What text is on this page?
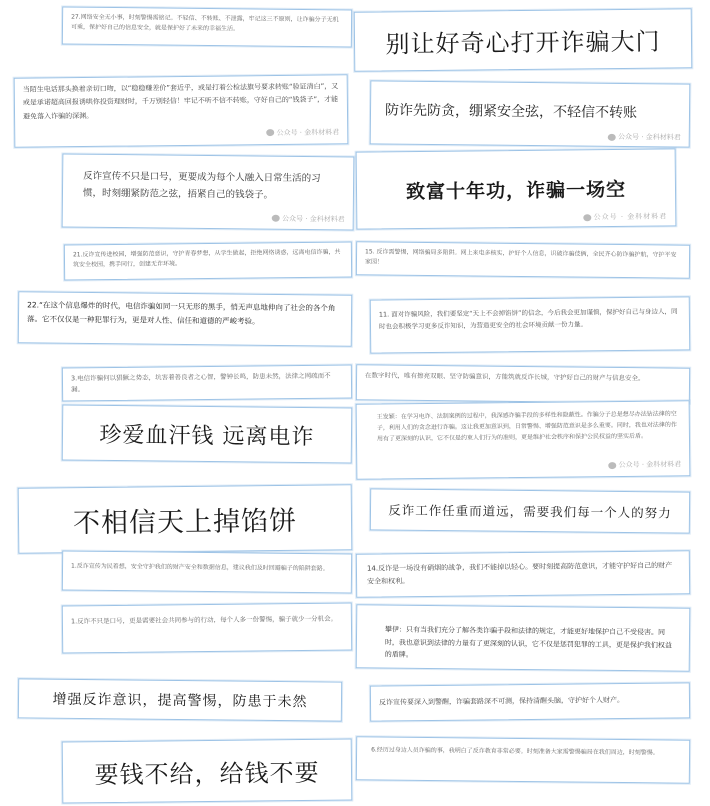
27.网络安全无小事，时刻警惕需铭记。不轻信、不转账、不泄露，牢记这三不原则，让诈骗分子无机可乘，保护好自己的信息安全，就是保护好了未来的幸福生活。	别让好奇心打开诈骗大门
当陌生电话那头换着亲切口吻，以“稳稳赚差价”套近乎，或是打着公检法旗号要求转账“验证清白”，又或是承诺超高回报诱哄你投资理财时，千万别轻信！牢记不听不信不转账，守好自己的“钱袋子”，才能避免落入诈骗的深渊。
公众号 · 金科材料君
防诈先防贪，绷紧安全弦，不轻信不转账
公众号 · 金科材料君
反诈宣传不只是口号，更要成为每个人融入日常生活的习惯，时刻绷紧防范之弦，捂紧自己的钱袋子。
公众号 · 金科材料君
致富十年功，诈骗一场空
公众号 · 金科材料君
21.反诈宣传进校园，增强防范意识，守护青春梦想，从学生做起，拒绝网络诱惑，远离电信诈骗，共筑安全校园，携手同行，创建无诈环境。
15. 反诈需警惕，网络骗局多陷阱。网上来电多核实，护好个人信息，识破诈骗伎俩，全民齐心防诈骗护航，守护平安家园！
22.“在这个信息爆炸的时代，电信诈骗如同一只无形的黑手，悄无声息地伸向了社会的各个角落。它不仅仅是一种犯罪行为，更是对人性、信任和道德的严峻考验。
11. 面对诈骗风险，我们要坚定“天上不会掉馅饼”的信念，今后我会更加谨慎，保护好自己与身边人，同时也会积极学习更多反诈知识，为营造更安全的社会环境贡献一份力量。
3.电信诈骗何以猖獗之势态，坑害着善良者之心智，警钟长鸣，防患未然，法律之网疏而不漏。
在数字时代，唯有擦亮双眼、坚守防骗意识，方能筑就反诈长城，守护好自己的财产与信息安全。
珍爱血汗钱 远离电诈
王发颖：在学习电诈、法制案例的过程中，我深感诈骗手段的多样性和隐蔽性。作骗分子总是想尽办法钻法律的空子，利用人们的贪念进行诈骗。这让我更加意识到，日常警惕、增强防范意识是多么重要。同时，我也对法律的作用有了更深刻的认识，它不仅是约束人们行为的准则，更是维护社会秩序和保护公民权益的坚实后盾。
公众号 · 金科材料君
不相信天上掉馅饼	反诈工作任重而道远，需要我们每一个人的努力
1.反诈宣传为民着想，安全守护我们的财产安全和数据信息，建议我们及时回避骗子的陷阱套路。	14.反诈是一场没有硝烟的战争，我们不能掉以轻心。要时刻提高防范意识，才能守护好自己的财产安全和权利。
1.反诈不只是口号，更是需要社会共同参与的行动，每个人多一份警惕，骗子就少一分机会。
攀伊：只有当我们充分了解各类诈骗手段和法律的规定，才能更好地保护自己不受侵害。同时，我也意识到法律的力量有了更深刻的认识，它不仅是惩罚犯罪的工具，更是保护我们权益的盾牌。
增强反诈意识，提高警惕，防患于未然	反诈宣传要深入到警醒，诈骗套路深不可测，保持清醒头脑，守护好个人财产。
要钱不给，给钱不要
6.经历过身边人员诈骗的事，我明白了反诈教育非常必要。时刻准备大家需警惕骗局在我们周边，时刻警惕。
